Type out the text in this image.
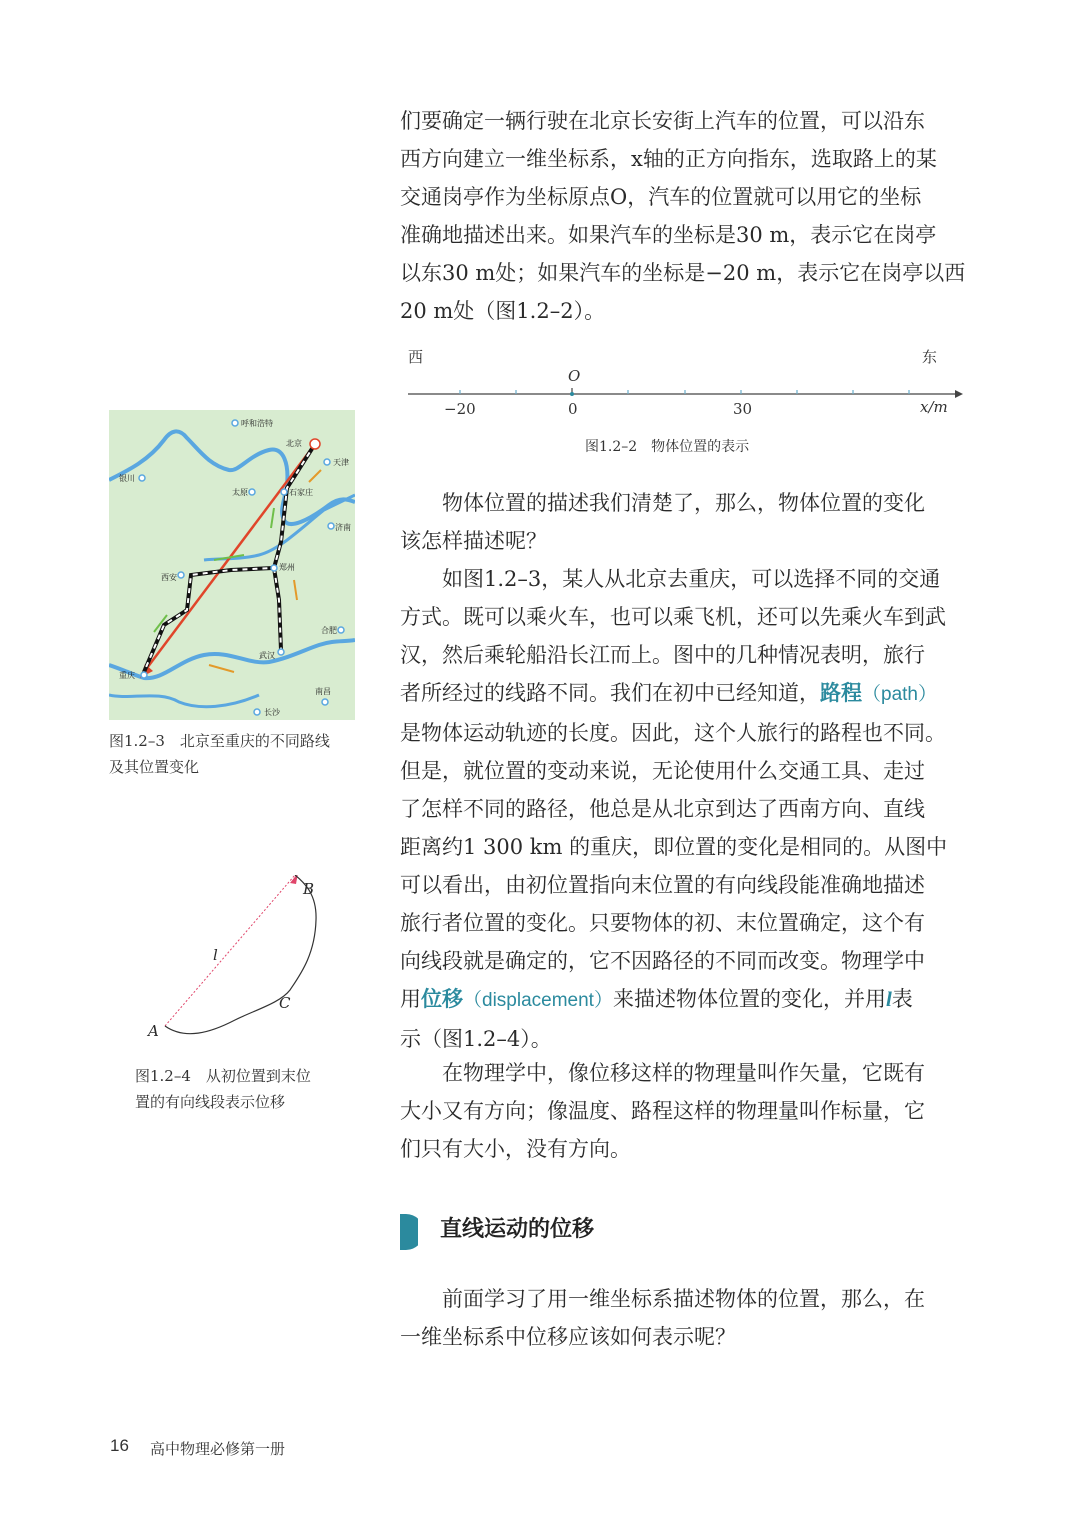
们要确定一辆行驶在北京长安街上汽车的位置，可以沿东
西方向建立一维坐标系，x轴的正方向指东，选取路上的某
交通岗亭作为坐标原点O，汽车的位置就可以用它的坐标
准确地描述出来。如果汽车的坐标是30 m，表示它在岗亭
以东30 m处；如果汽车的坐标是−20 m，表示它在岗亭以西
20 m处（图1.2–2）。
西	东
O
−20	0	30	x/m
图1.2–2　物体位置的表示
　　物体位置的描述我们清楚了，那么，物体位置的变化
该怎样描述呢？
　　如图1.2–3，某人从北京去重庆，可以选择不同的交通
方式。既可以乘火车，也可以乘飞机，还可以先乘火车到武
汉，然后乘轮船沿长江而上。图中的几种情况表明，旅行
者所经过的线路不同。我们在初中已经知道，路程（path）
是物体运动轨迹的长度。因此，这个人旅行的路程也不同。
但是，就位置的变动来说，无论使用什么交通工具、走过
了怎样不同的路径，他总是从北京到达了西南方向、直线
距离约1 300 km 的重庆，即位置的变化是相同的。从图中
可以看出，由初位置指向末位置的有向线段能准确地描述
旅行者位置的变化。只要物体的初、末位置确定，这个有
向线段就是确定的，它不因路径的不同而改变。物理学中
用位移（displacement）来描述物体位置的变化，并用l表
示（图1.2–4）。
　　在物理学中，像位移这样的物理量叫作矢量，它既有
大小又有方向；像温度、路程这样的物理量叫作标量，它
们只有大小，没有方向。
直线运动的位移
　　前面学习了用一维坐标系描述物体的位置，那么，在
一维坐标系中位移应该如何表示呢？
呼和浩特
北京
天津
银川
太原	石家庄
济南
西安
郑州
合肥
武汉
重庆
南昌
长沙
图1.2–3　北京至重庆的不同路线
及其位置变化
B
l
C
A
图1.2–4　从初位置到末位
置的有向线段表示位移
16 高中物理必修第一册
